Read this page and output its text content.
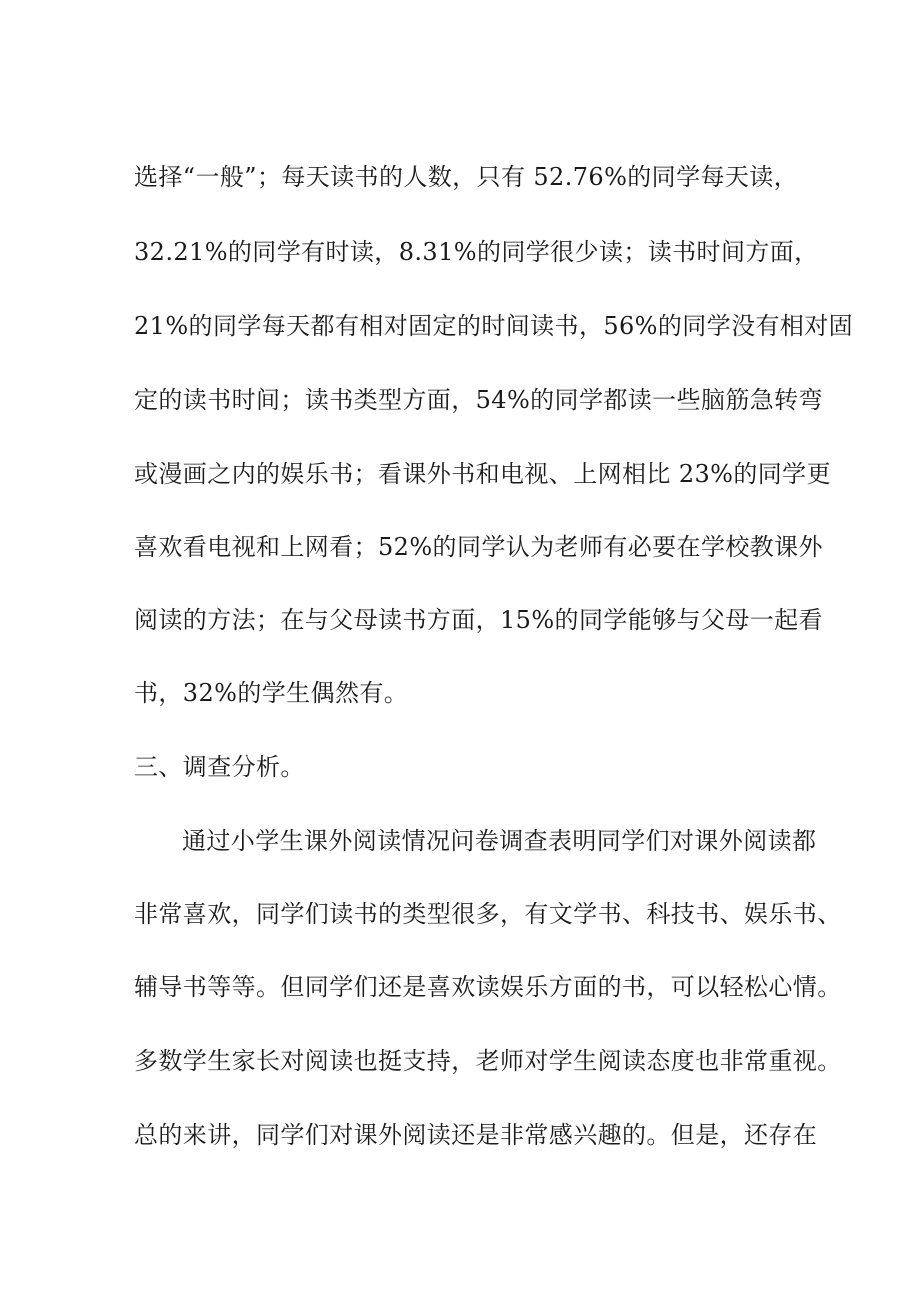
选择“一般”；每天读书的人数，只有 52.76%的同学每天读，
32.21%的同学有时读，8.31%的同学很少读；读书时间方面，
21%的同学每天都有相对固定的时间读书，56%的同学没有相对固
定的读书时间；读书类型方面，54%的同学都读一些脑筋急转弯
或漫画之内的娱乐书；看课外书和电视、上网相比 23%的同学更
喜欢看电视和上网看；52%的同学认为老师有必要在学校教课外
阅读的方法；在与父母读书方面，15%的同学能够与父母一起看
书，32%的学生偶然有。
三、调查分析。
通过小学生课外阅读情况问卷调查表明同学们对课外阅读都
非常喜欢，同学们读书的类型很多，有文学书、科技书、娱乐书、
辅导书等等。但同学们还是喜欢读娱乐方面的书，可以轻松心情。
多数学生家长对阅读也挺支持，老师对学生阅读态度也非常重视。
总的来讲，同学们对课外阅读还是非常感兴趣的。但是，还存在
